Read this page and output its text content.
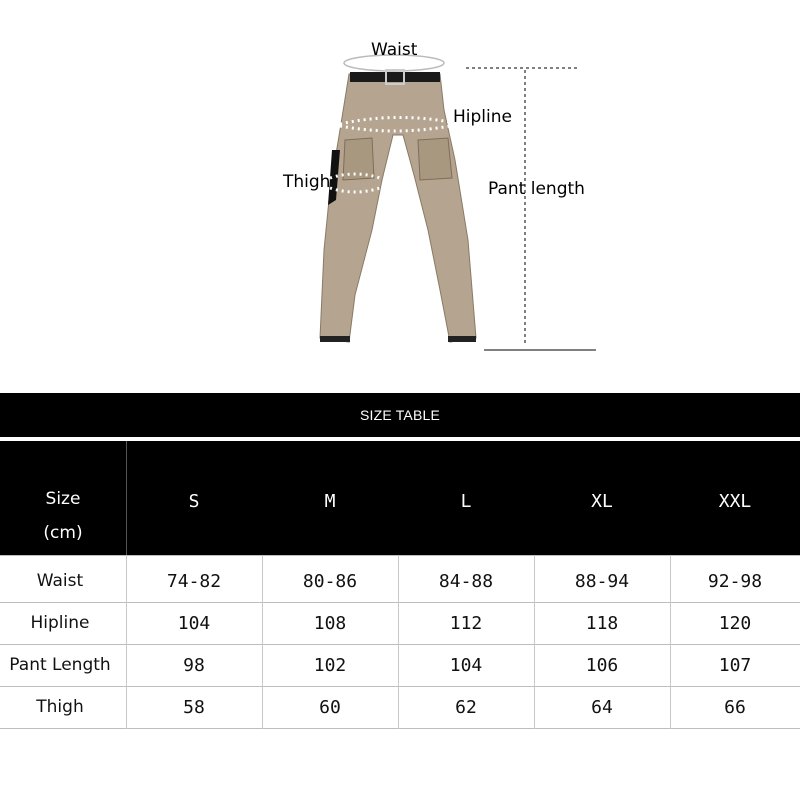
Waist
Hipline
Thigh	Pant length
SIZE TABLE
Size
(cm)
S	M	L	XL	XXL
Waist	74-82	80-86	84-88	88-94	92-98
Hipline	104	108	112	118	120
Pant Length	98	102	104	106	107
Thigh	58	60	62	64	66
